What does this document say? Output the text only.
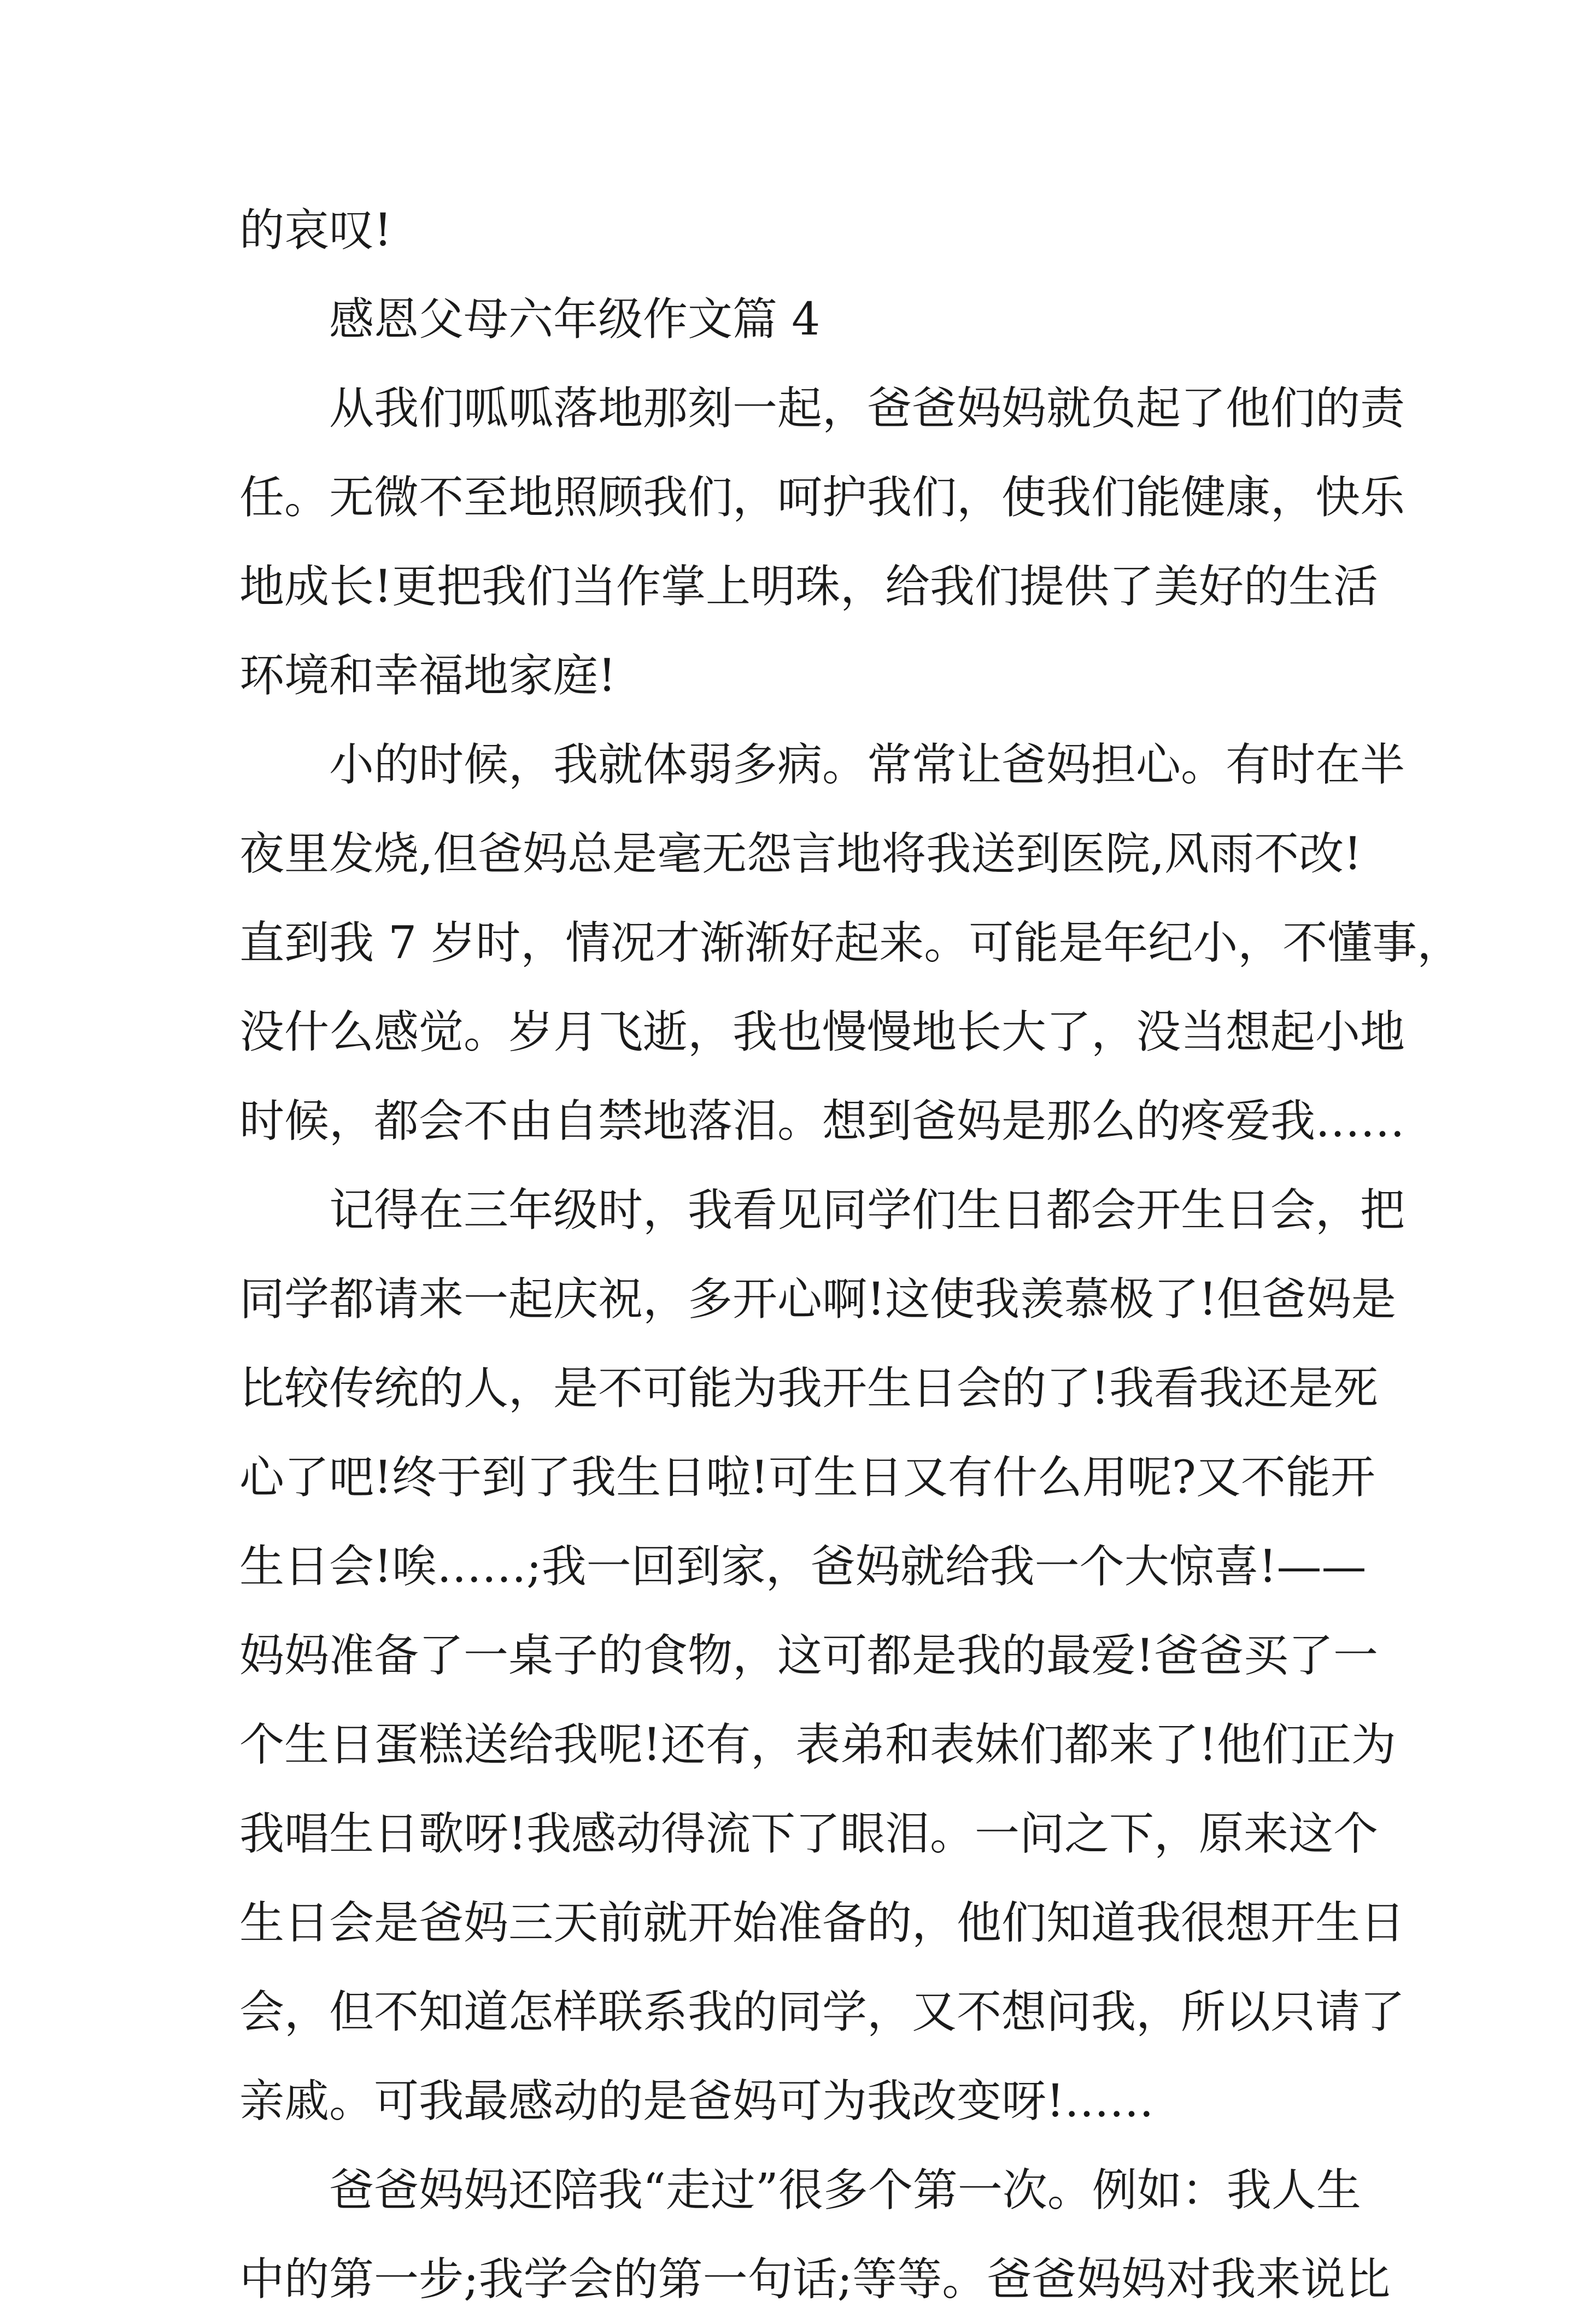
的哀叹!
感恩父母六年级作文篇 4
从我们呱呱落地那刻一起，爸爸妈妈就负起了他们的责
任。无微不至地照顾我们，呵护我们，使我们能健康，快乐
地成长!更把我们当作掌上明珠，给我们提供了美好的生活
环境和幸福地家庭!
小的时候，我就体弱多病。常常让爸妈担心。有时在半
夜里发烧,但爸妈总是毫无怨言地将我送到医院,风雨不改!
直到我 7 岁时，情况才渐渐好起来。可能是年纪小，不懂事，
没什么感觉。岁月飞逝，我也慢慢地长大了，没当想起小地
时候，都会不由自禁地落泪。想到爸妈是那么的疼爱我……
记得在三年级时，我看见同学们生日都会开生日会，把
同学都请来一起庆祝，多开心啊!这使我羡慕极了!但爸妈是
比较传统的人，是不可能为我开生日会的了!我看我还是死
心了吧!终于到了我生日啦!可生日又有什么用呢?又不能开
生日会!唉……;我一回到家，爸妈就给我一个大惊喜!——
妈妈准备了一桌子的食物，这可都是我的最爱!爸爸买了一
个生日蛋糕送给我呢!还有，表弟和表妹们都来了!他们正为
我唱生日歌呀!我感动得流下了眼泪。一问之下，原来这个
生日会是爸妈三天前就开始准备的，他们知道我很想开生日
会，但不知道怎样联系我的同学，又不想问我，所以只请了
亲戚。可我最感动的是爸妈可为我改变呀!……
爸爸妈妈还陪我“走过”很多个第一次。例如：我人生
中的第一步;我学会的第一句话;等等。爸爸妈妈对我来说比
